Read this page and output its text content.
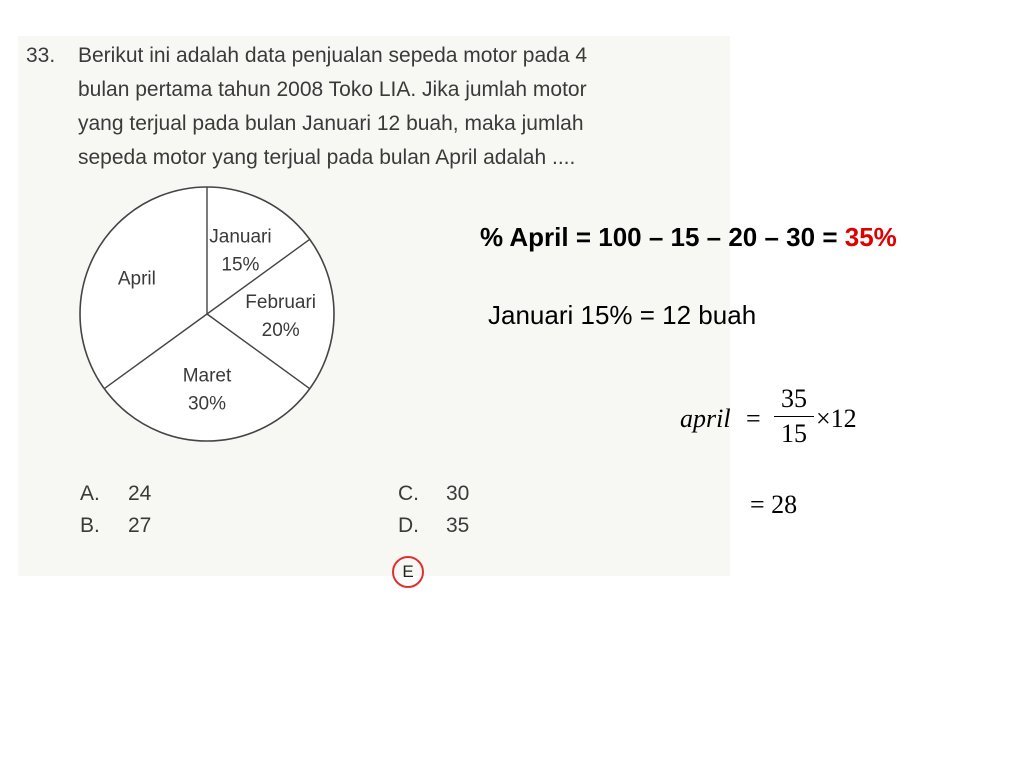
33. Berikut ini adalah data penjualan sepeda motor pada 4
bulan pertama tahun 2008 Toko LIA. Jika jumlah motor
yang terjual pada bulan Januari 12 buah, maka jumlah
sepeda motor yang terjual pada bulan April adalah ....
Januari
15%
Februari
20%
Maret
30%
April
A. 24
B. 27
C. 30
D. 35
E
% April = 100 – 15 – 20 – 30 = 35%
Januari 15% = 12 buah
april =
35
15
×12
= 28
